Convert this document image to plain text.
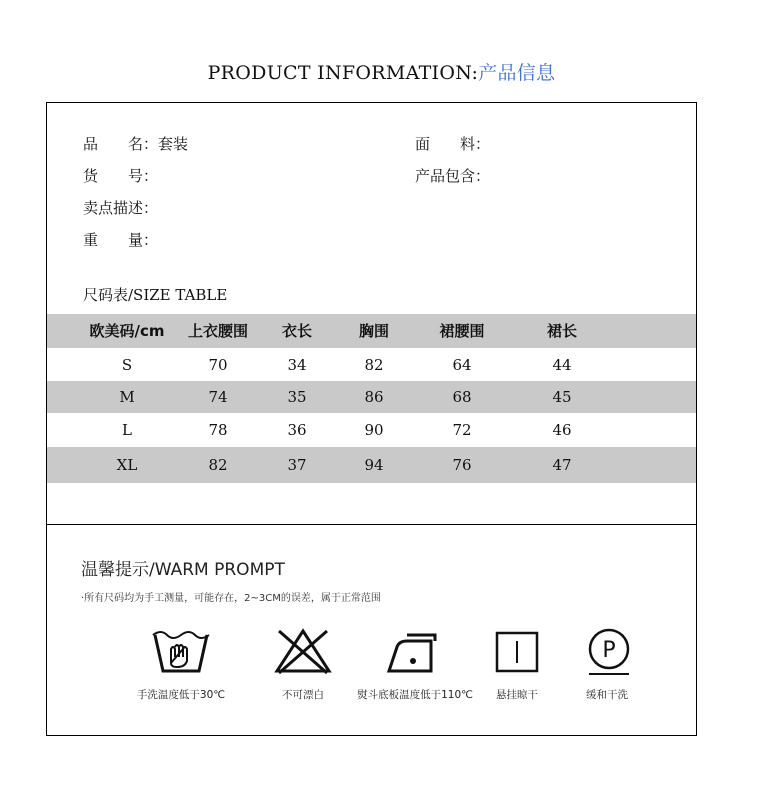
PRODUCT INFORMATION:产品信息
品　　名：套装
货　　号：
卖点描述：
重　　量：
面　　料：
产品包含：
尺码表/SIZE TABLE
欧美码/cm	上衣腰围	衣长	胸围	裙腰围	裙长
S	70	34	82	64	44
M	74	35	86	68	45
L	78	36	90	72	46
XL	82	37	94	76	47
温馨提示/WARM PROMPT
·所有尺码均为手工测量，可能存在，2~3CM的误差，属于正常范围
P
手洗温度低于30℃	不可漂白	熨斗底板温度低于110℃	悬挂晾干	缓和干洗
